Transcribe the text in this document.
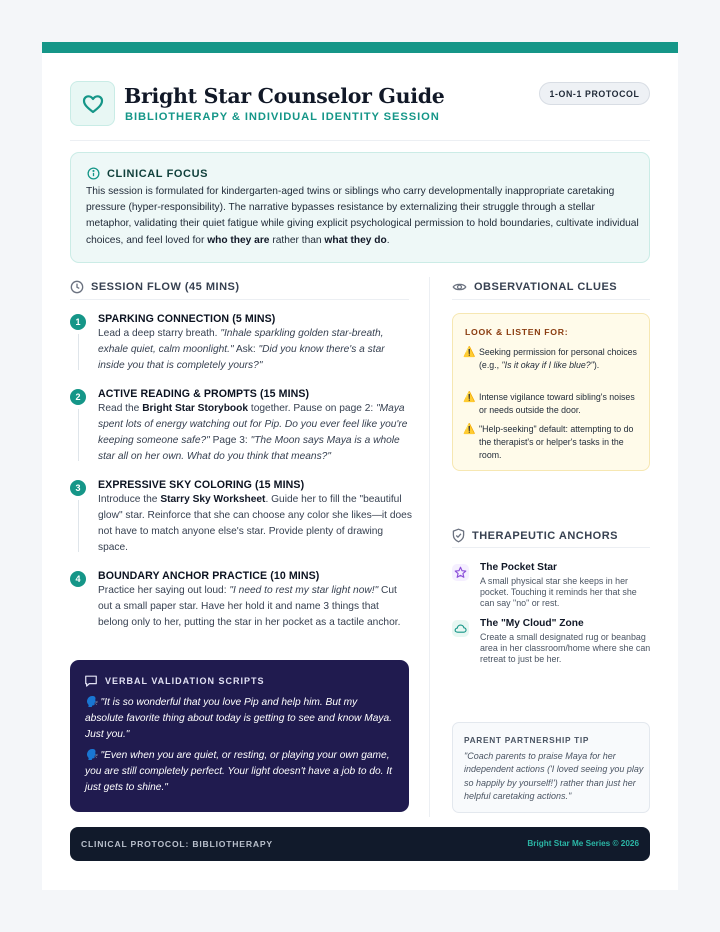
Bright Star Counselor Guide
BIBLIOTHERAPY & INDIVIDUAL IDENTITY SESSION
1-ON-1 PROTOCOL
CLINICAL FOCUS
This session is formulated for kindergarten-aged twins or siblings who carry developmentally inappropriate caretaking pressure (hyper-responsibility). The narrative bypasses resistance by externalizing their struggle through a stellar metaphor, validating their quiet fatigue while giving explicit psychological permission to hold boundaries, cultivate individual choices, and feel loved for who they are rather than what they do.
SESSION FLOW (45 MINS)
1	SPARKING CONNECTION (5 MINS)
Lead a deep starry breath. "Inhale sparkling golden star-breath, exhale quiet, calm moonlight." Ask: "Did you know there's a star inside you that is completely yours?"
2	ACTIVE READING & PROMPTS (15 MINS)
Read the Bright Star Storybook together. Pause on page 2: "Maya spent lots of energy watching out for Pip. Do you ever feel like you're keeping someone safe?" Page 3: "The Moon says Maya is a whole star all on her own. What do you think that means?"
3	EXPRESSIVE SKY COLORING (15 MINS)
Introduce the Starry Sky Worksheet. Guide her to fill the "beautiful glow" star. Reinforce that she can choose any color she likes—it does not have to match anyone else's star. Provide plenty of drawing space.
4	BOUNDARY ANCHOR PRACTICE (10 MINS)
Practice her saying out loud: "I need to rest my star light now!" Cut out a small paper star. Have her hold it and name 3 things that belong only to her, putting the star in her pocket as a tactile anchor.
VERBAL VALIDATION SCRIPTS
🗣️ "It is so wonderful that you love Pip and help him. But my absolute favorite thing about today is getting to see and know Maya. Just you."
🗣️ "Even when you are quiet, or resting, or playing your own game, you are still completely perfect. Your light doesn't have a job to do. It just gets to shine."
OBSERVATIONAL CLUES
LOOK & LISTEN FOR:
⚠️ Seeking permission for personal choices (e.g., "Is it okay if I like blue?").
⚠️ Intense vigilance toward sibling's noises or needs outside the door.
⚠️ "Help-seeking" default: attempting to do the therapist's or helper's tasks in the room.
THERAPEUTIC ANCHORS
The Pocket Star
A small physical star she keeps in her pocket. Touching it reminds her that she can say "no" or rest.
The "My Cloud" Zone
Create a small designated rug or beanbag area in her classroom/home where she can retreat to just be her.
PARENT PARTNERSHIP TIP
"Coach parents to praise Maya for her independent actions ('I loved seeing you play so happily by yourself!') rather than just her helpful caretaking actions."
CLINICAL PROTOCOL: BIBLIOTHERAPY	Bright Star Me Series © 2026
